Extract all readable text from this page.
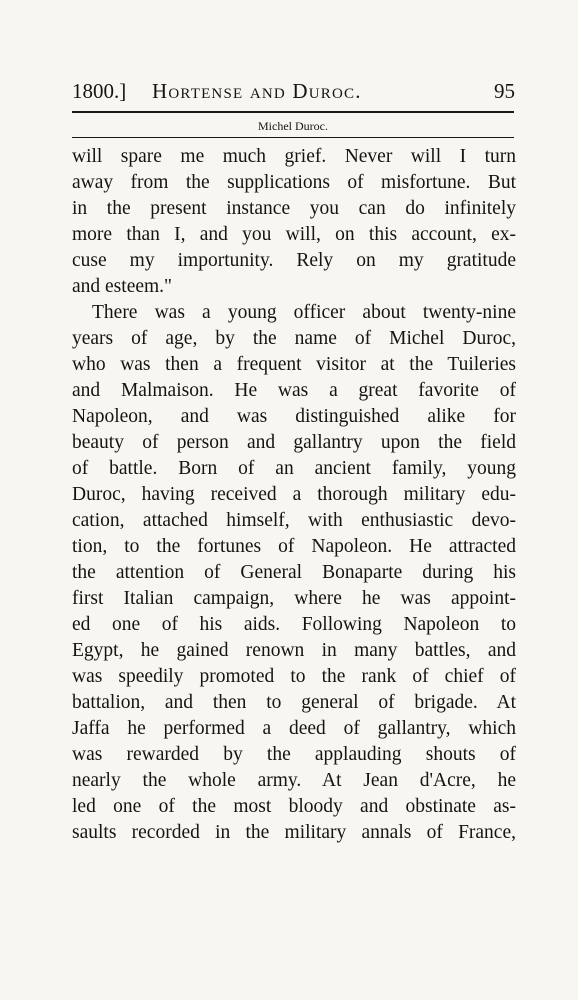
1800.] Hortense and Duroc.	95
Michel Duroc.
will spare me much grief. Never will I turn
away from the supplications of misfortune. But
in the present instance you can do infinitely
more than I, and you will, on this account, ex-
cuse my importunity. Rely on my gratitude
and esteem."
There was a young officer about twenty-nine
years of age, by the name of Michel Duroc,
who was then a frequent visitor at the Tuileries
and Malmaison. He was a great favorite of
Napoleon, and was distinguished alike for
beauty of person and gallantry upon the field
of battle. Born of an ancient family, young
Duroc, having received a thorough military edu-
cation, attached himself, with enthusiastic devo-
tion, to the fortunes of Napoleon. He attracted
the attention of General Bonaparte during his
first Italian campaign, where he was appoint-
ed one of his aids. Following Napoleon to
Egypt, he gained renown in many battles, and
was speedily promoted to the rank of chief of
battalion, and then to general of brigade. At
Jaffa he performed a deed of gallantry, which
was rewarded by the applauding shouts of
nearly the whole army. At Jean d'Acre, he
led one of the most bloody and obstinate as-
saults recorded in the military annals of France,
